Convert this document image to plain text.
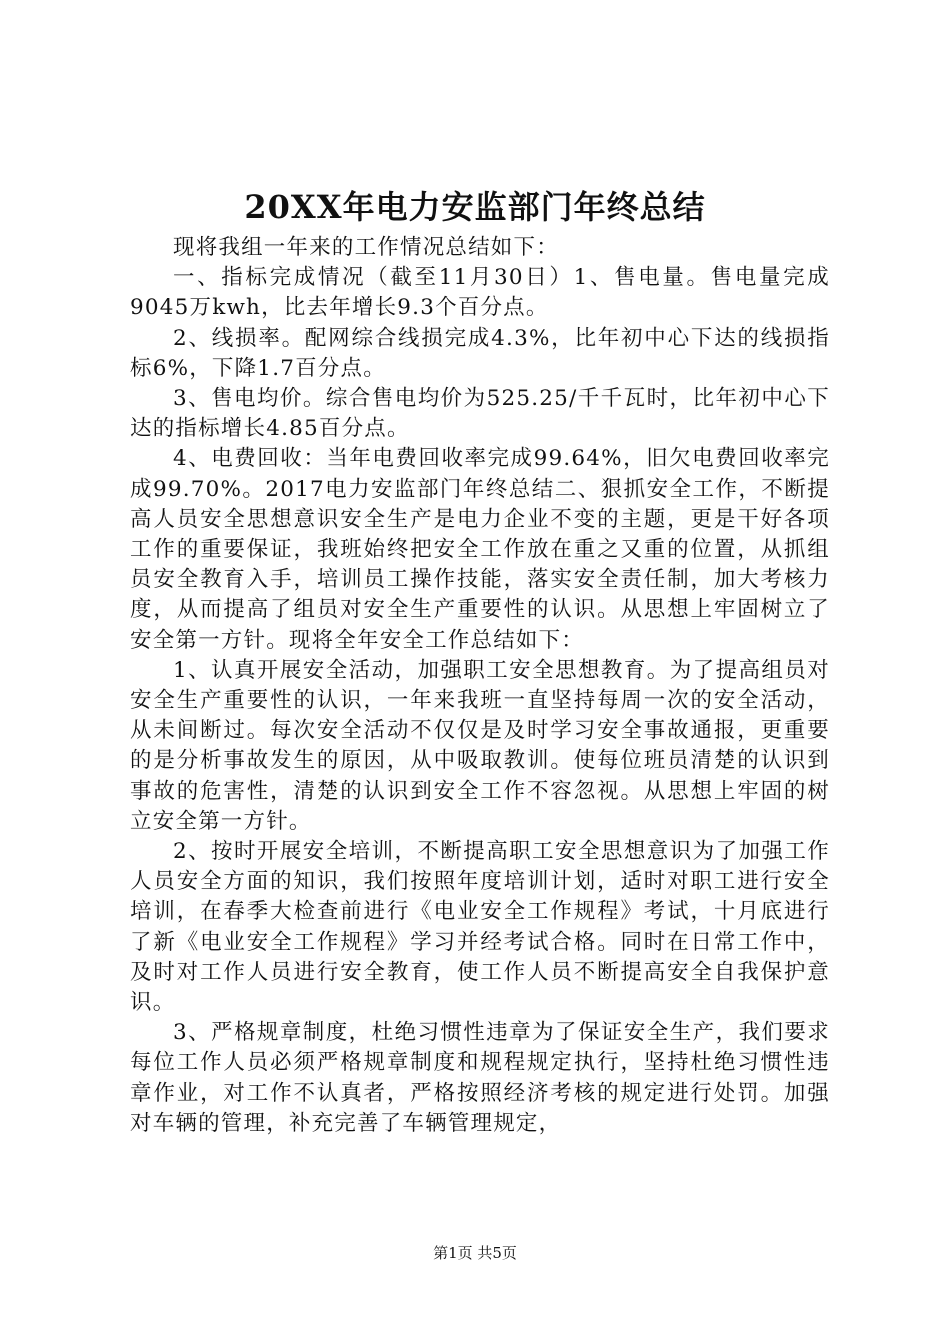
20XX年电力安监部门年终总结

现将我组一年来的工作情况总结如下：

一、指标完成情况（截至11月30日）1、售电量。售电量完成9045万kwh，比去年增长9.3个百分点。

2、线损率。配网综合线损完成4.3%，比年初中心下达的线损指标6%，下降1.7百分点。

3、售电均价。综合售电均价为525.25/千千瓦时，比年初中心下达的指标增长4.85百分点。

4、电费回收：当年电费回收率完成99.64%，旧欠电费回收率完成99.70%。2017电力安监部门年终总结二、狠抓安全工作，不断提高人员安全思想意识安全生产是电力企业不变的主题，更是干好各项工作的重要保证，我班始终把安全工作放在重之又重的位置，从抓组员安全教育入手，培训员工操作技能，落实安全责任制，加大考核力度，从而提高了组员对安全生产重要性的认识。从思想上牢固树立了安全第一方针。现将全年安全工作总结如下：

1、认真开展安全活动，加强职工安全思想教育。为了提高组员对安全生产重要性的认识，一年来我班一直坚持每周一次的安全活动，从未间断过。每次安全活动不仅仅是及时学习安全事故通报，更重要的是分析事故发生的原因，从中吸取教训。使每位班员清楚的认识到事故的危害性，清楚的认识到安全工作不容忽视。从思想上牢固的树立安全第一方针。

2、按时开展安全培训，不断提高职工安全思想意识为了加强工作人员安全方面的知识，我们按照年度培训计划，适时对职工进行安全培训，在春季大检查前进行《电业安全工作规程》考试，十月底进行了新《电业安全工作规程》学习并经考试合格。同时在日常工作中，及时对工作人员进行安全教育，使工作人员不断提高安全自我保护意识。

3、严格规章制度，杜绝习惯性违章为了保证安全生产，我们要求每位工作人员必须严格规章制度和规程规定执行，坚持杜绝习惯性违章作业，对工作不认真者，严格按照经济考核的规定进行处罚。加强对车辆的管理，补充完善了车辆管理规定，

第1页 共5页
